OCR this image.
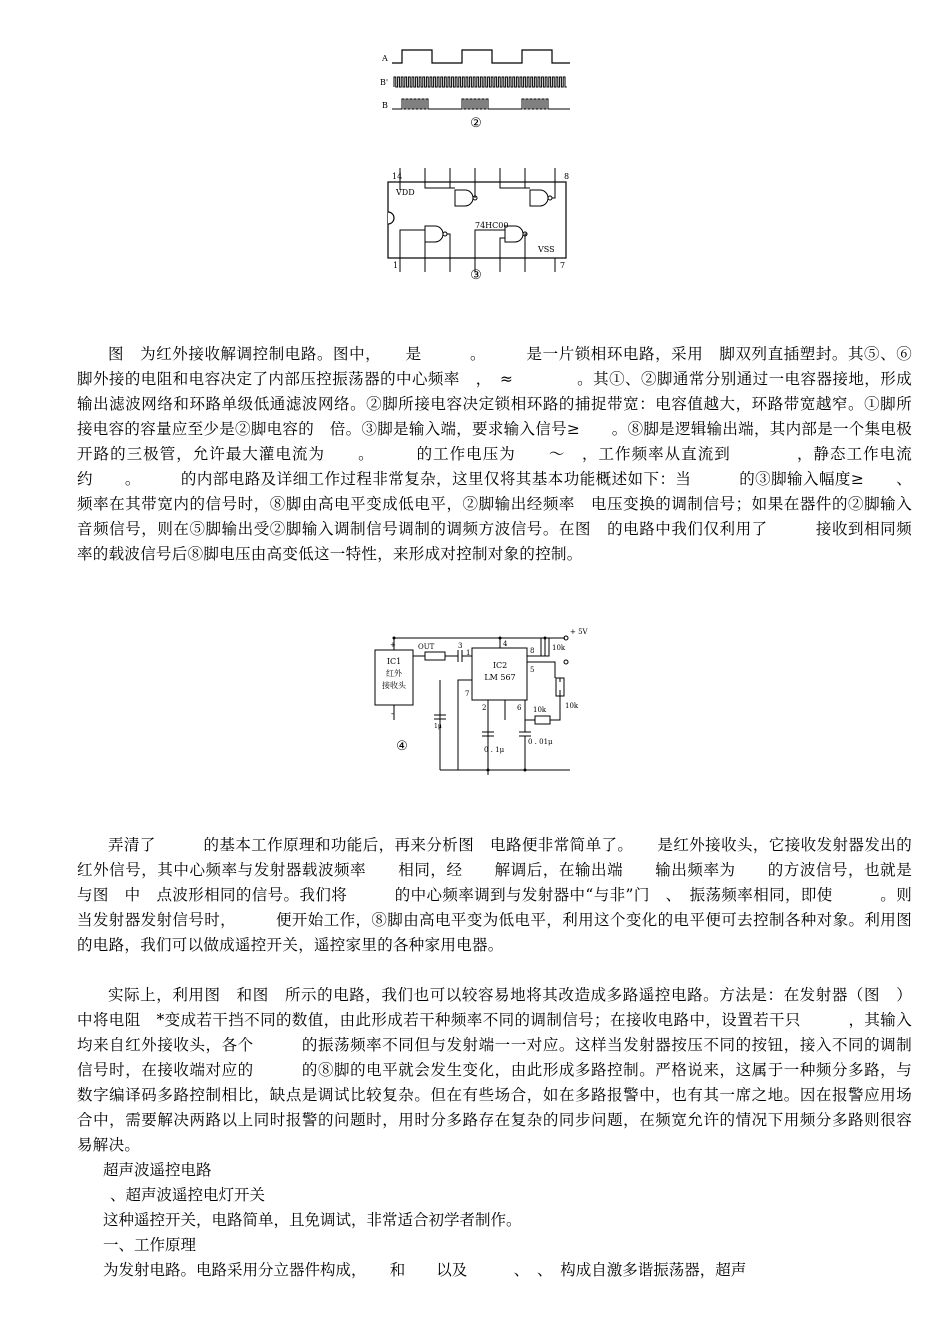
A
B'
B
②
14	8
1	7
VDD
VSS
74HC00
③
图　为红外接收解调控制电路。图中，　　是　　　。　　　是一片锁相环电路，采用　脚双列直插塑封。其⑤、⑥脚外接的电阻和电容决定了内部压控振荡器的中心频率　，　≈　　　　。其①、②脚通常分别通过一电容器接地，形成输出滤波网络和环路单级低通滤波网络。②脚所接电容决定锁相环路的捕捉带宽：电容值越大，环路带宽越窄。①脚所接电容的容量应至少是②脚电容的　倍。③脚是输入端，要求输入信号≥　　。⑧脚是逻辑输出端，其内部是一个集电极开路的三极管，允许最大灌电流为　　。　　　的工作电压为　　～　，工作频率从直流到　　　　，静态工作电流约　　。　　　的内部电路及详细工作过程非常复杂，这里仅将其基本功能概述如下：当　　　的③脚输入幅度≥　　、频率在其带宽内的信号时，⑧脚由高电平变成低电平，②脚输出经频率　电压变换的调制信号；如果在器件的②脚输入音频信号，则在⑤脚输出受②脚输入调制信号调制的调频方波信号。在图　的电路中我们仅利用了　　　接收到相同频率的载波信号后⑧脚电压由高变低这一特性，来形成对控制对象的控制。
IC1
红外
接收头
IC2
LM 567
OUT
+ 5V
10k
10k
10k
3
1μ
0 . 1μ
0 . 01μ
4
8
1
5
7
2	6
+
-
④
弄清了　　　的基本工作原理和功能后，再来分析图　电路便非常简单了。　　是红外接收头，它接收发射器发出的红外信号，其中心频率与发射器载波频率　　相同，经　　解调后，在输出端　　输出频率为　　的方波信号，也就是与图　中　点波形相同的信号。我们将　　　的中心频率调到与发射器中“与非”门　、　振荡频率相同，即使　　　。则当发射器发射信号时，　　　便开始工作，⑧脚由高电平变为低电平，利用这个变化的电平便可去控制各种对象。利用图　的电路，我们可以做成遥控开关，遥控家里的各种家用电器。
实际上，利用图　和图　所示的电路，我们也可以较容易地将其改造成多路遥控电路。方法是：在发射器（图　）中将电阻　*变成若干挡不同的数值，由此形成若干种频率不同的调制信号；在接收电路中，设置若干只　　　，其输入均来自红外接收头，各个　　　的振荡频率不同但与发射端一一对应。这样当发射器按压不同的按钮，接入不同的调制信号时，在接收端对应的　　　的⑧脚的电平就会发生变化，由此形成多路控制。严格说来，这属于一种频分多路，与数字编译码多路控制相比，缺点是调试比较复杂。但在有些场合，如在多路报警中，也有其一席之地。因在报警应用场合中，需要解决两路以上同时报警的问题时，用时分多路存在复杂的同步问题，在频宽允许的情况下用频分多路则很容易解决。
超声波遥控电路
、超声波遥控电灯开关
这种遥控开关，电路简单，且免调试，非常适合初学者制作。
一、工作原理
为发射电路。电路采用分立器件构成，　　和　　以及　　　、　、　构成自激多谐振荡器，超声
